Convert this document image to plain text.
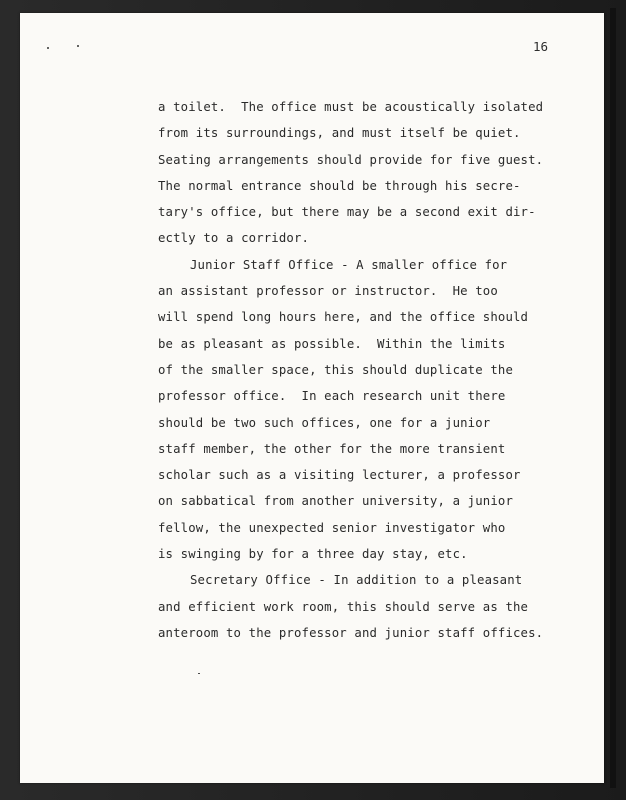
16
a toilet.  The office must be acoustically isolated
from its surroundings, and must itself be quiet.
Seating arrangements should provide for five guest.
The normal entrance should be through his secre-
tary's office, but there may be a second exit dir-
ectly to a corridor.
Junior Staff Office - A smaller office for
an assistant professor or instructor.  He too
will spend long hours here, and the office should
be as pleasant as possible.  Within the limits
of the smaller space, this should duplicate the
professor office.  In each research unit there
should be two such offices, one for a junior
staff member, the other for the more transient
scholar such as a visiting lecturer, a professor
on sabbatical from another university, a junior
fellow, the unexpected senior investigator who
is swinging by for a three day stay, etc.
Secretary Office - In addition to a pleasant
and efficient work room, this should serve as the
anteroom to the professor and junior staff offices.
